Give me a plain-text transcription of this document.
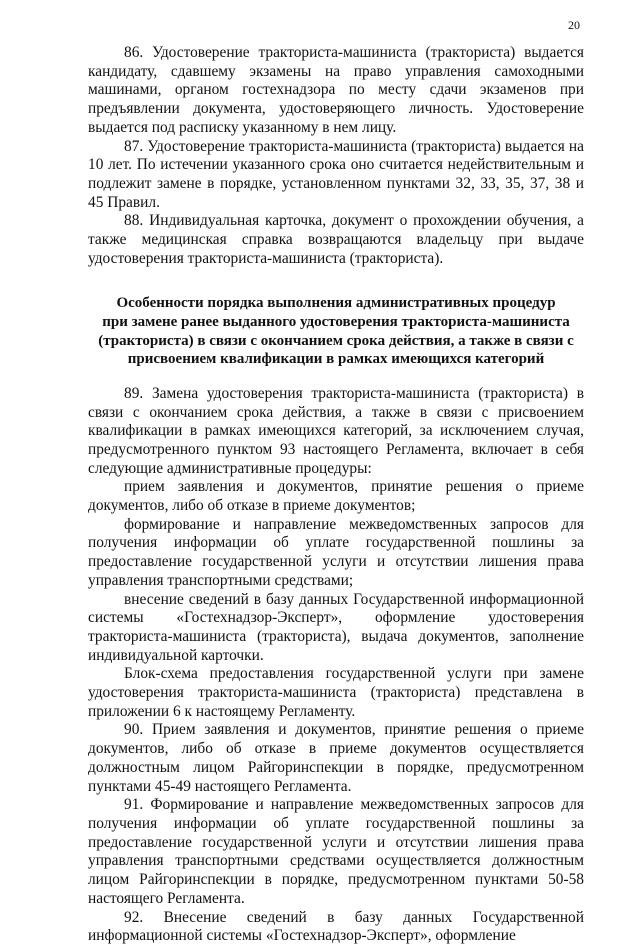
20

86. Удостоверение тракториста-машиниста (тракториста) выдается кандидату, сдавшему экзамены на право управления самоходными машинами, органом гостехнадзора по месту сдачи экзаменов при предъявлении документа, удостоверяющего личность. Удостоверение выдается под расписку указанному в нем лицу.

87. Удостоверение тракториста-машиниста (тракториста) выдается на 10 лет. По истечении указанного срока оно считается недействительным и подлежит замене в порядке, установленном пунктами 32, 33, 35, 37, 38 и 45 Правил.

88. Индивидуальная карточка, документ о прохождении обучения, а также медицинская справка возвращаются владельцу при выдаче удостоверения тракториста-машиниста (тракториста).

Особенности порядка выполнения административных процедур
при замене ранее выданного удостоверения тракториста-машиниста
(тракториста) в связи с окончанием срока действия, а также в связи с
присвоением квалификации в рамках имеющихся категорий

89. Замена удостоверения тракториста-машиниста (тракториста) в связи с окончанием срока действия, а также в связи с присвоением квалификации в рамках имеющихся категорий, за исключением случая, предусмотренного пунктом 93 настоящего Регламента, включает в себя следующие административные процедуры:

прием заявления и документов, принятие решения о приеме документов, либо об отказе в приеме документов;

формирование и направление межведомственных запросов для получения информации об уплате государственной пошлины за предоставление государственной услуги и отсутствии лишения права управления транспортными средствами;

внесение сведений в базу данных Государственной информационной системы «Гостехнадзор-Эксперт», оформление удостоверения тракториста-машиниста (тракториста), выдача документов, заполнение индивидуальной карточки.

Блок-схема предоставления государственной услуги при замене удостоверения тракториста-машиниста (тракториста) представлена в приложении 6 к настоящему Регламенту.

90. Прием заявления и документов, принятие решения о приеме документов, либо об отказе в приеме документов осуществляется должностным лицом Райгоринспекции в порядке, предусмотренном пунктами 45-49 настоящего Регламента.

91. Формирование и направление межведомственных запросов для получения информации об уплате государственной пошлины за предоставление государственной услуги и отсутствии лишения права управления транспортными средствами осуществляется должностным лицом Райгоринспекции в порядке, предусмотренном пунктами 50-58 настоящего Регламента.

92. Внесение сведений в базу данных Государственной информационной системы «Гостехнадзор-Эксперт», оформление
